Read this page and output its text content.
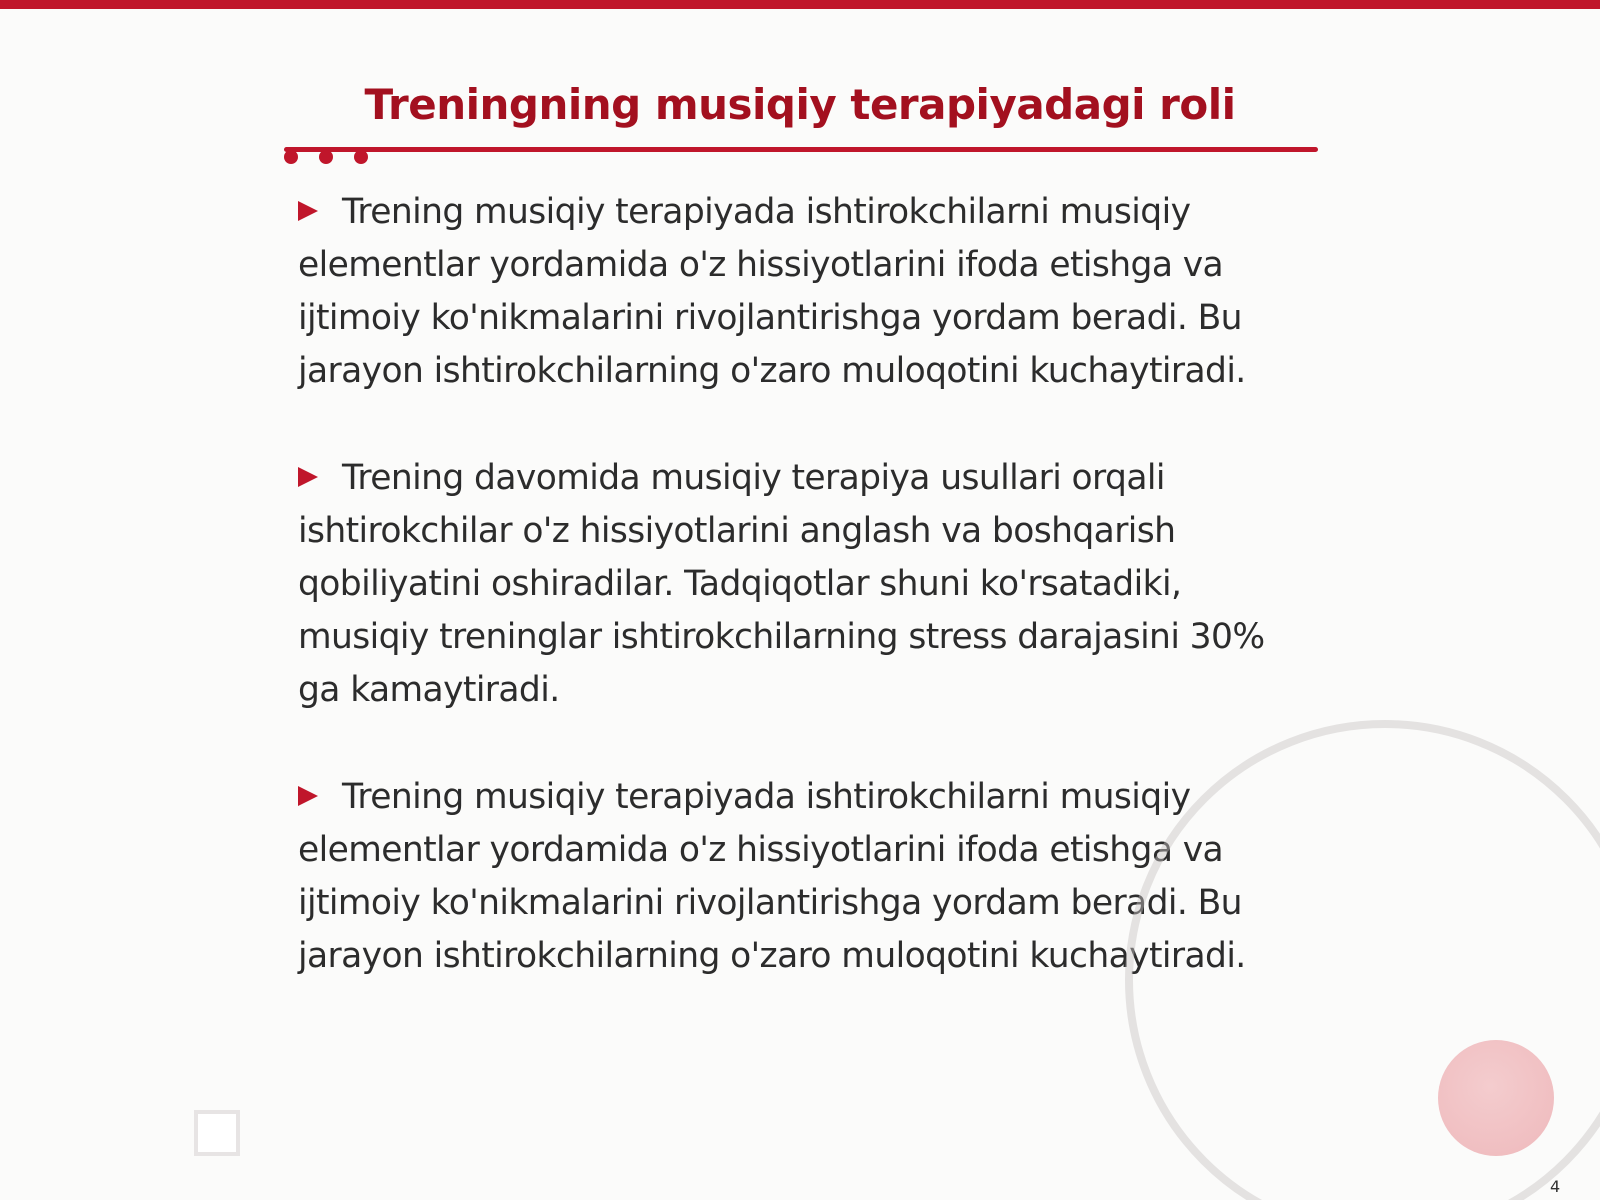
Treningning musiqiy terapiyadagi roli
Trening musiqiy terapiyada ishtirokchilarni musiqiy elementlar yordamida o'z hissiyotlarini ifoda etishga va ijtimoiy ko'nikmalarini rivojlantirishga yordam beradi. Bu jarayon ishtirokchilarning o'zaro muloqotini kuchaytiradi.
Trening davomida musiqiy terapiya usullari orqali ishtirokchilar o'z hissiyotlarini anglash va boshqarish qobiliyatini oshiradilar. Tadqiqotlar shuni ko'rsatadiki, musiqiy treninglar ishtirokchilarning stress darajasini 30% ga kamaytiradi.
Trening musiqiy terapiyada ishtirokchilarni musiqiy elementlar yordamida o'z hissiyotlarini ifoda etishga va ijtimoiy ko'nikmalarini rivojlantirishga yordam beradi. Bu jarayon ishtirokchilarning o'zaro muloqotini kuchaytiradi.
4
